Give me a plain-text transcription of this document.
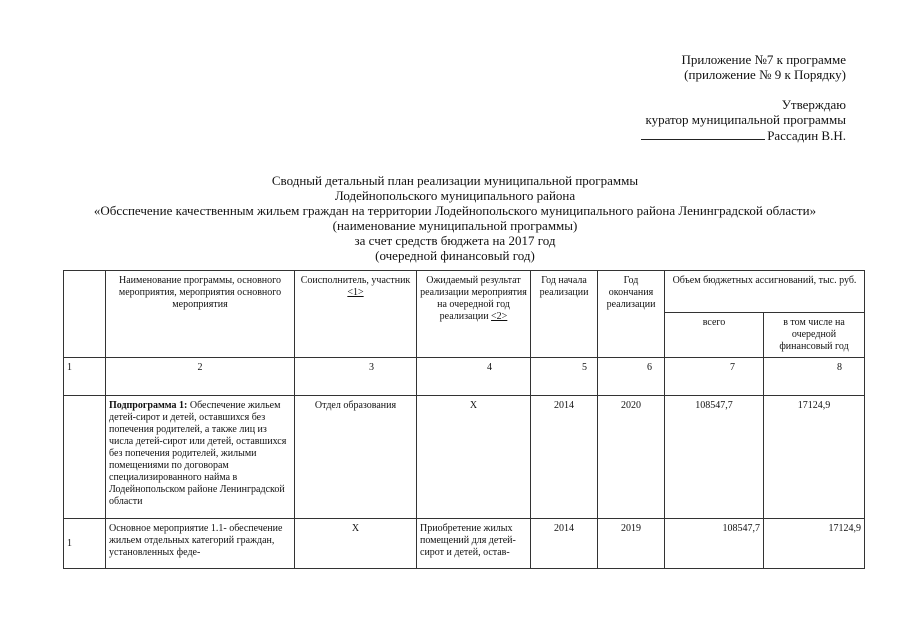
Приложение №7 к программе
(приложение № 9 к Порядку)
Утверждаю
куратор муниципальной программы
Рассадин В.Н.
Сводный детальный план реализации муниципальной программы
Лодейнопольского муниципального района
«Обсспечение качественным жильем граждан на территории Лодейнопольского муниципального района Ленинградской области»
(наименование муниципальной программы)
за счет средств бюджета на 2017 год
(очередной финансовый год)
	Наименование программы, основного мероприятия, мероприятия основного мероприятия	Соисполнитель, участник <1>	Ожидаемый результат реализации мероприятия на очередной год реализации <2>	Год начала реализации	Год окончания реализации	Объем бюджетных ассигнований, тыс. руб.	
						всего	в том числе на очередной финансовый год
1	2	3	4	5	6	7	8
	Подпрограмма 1: Обеспечение жильем детей-сирот и детей, оставшихся без попечения родителей, а также лиц из числа детей-сирот или детей, оставшихся без попечения родителей, жилыми помещениями по договорам специализированного найма в Лодейнопольском районе Ленинградской области	Отдел образования	Х	2014	2020	108547,7	17124,9
1	Основное мероприятие 1.1- обеспечение жильем отдельных категорий граждан, установленных феде-	Х	Приобретение жилых помещений для детей-сирот и детей, остав-	2014	2019	108547,7	17124,9
